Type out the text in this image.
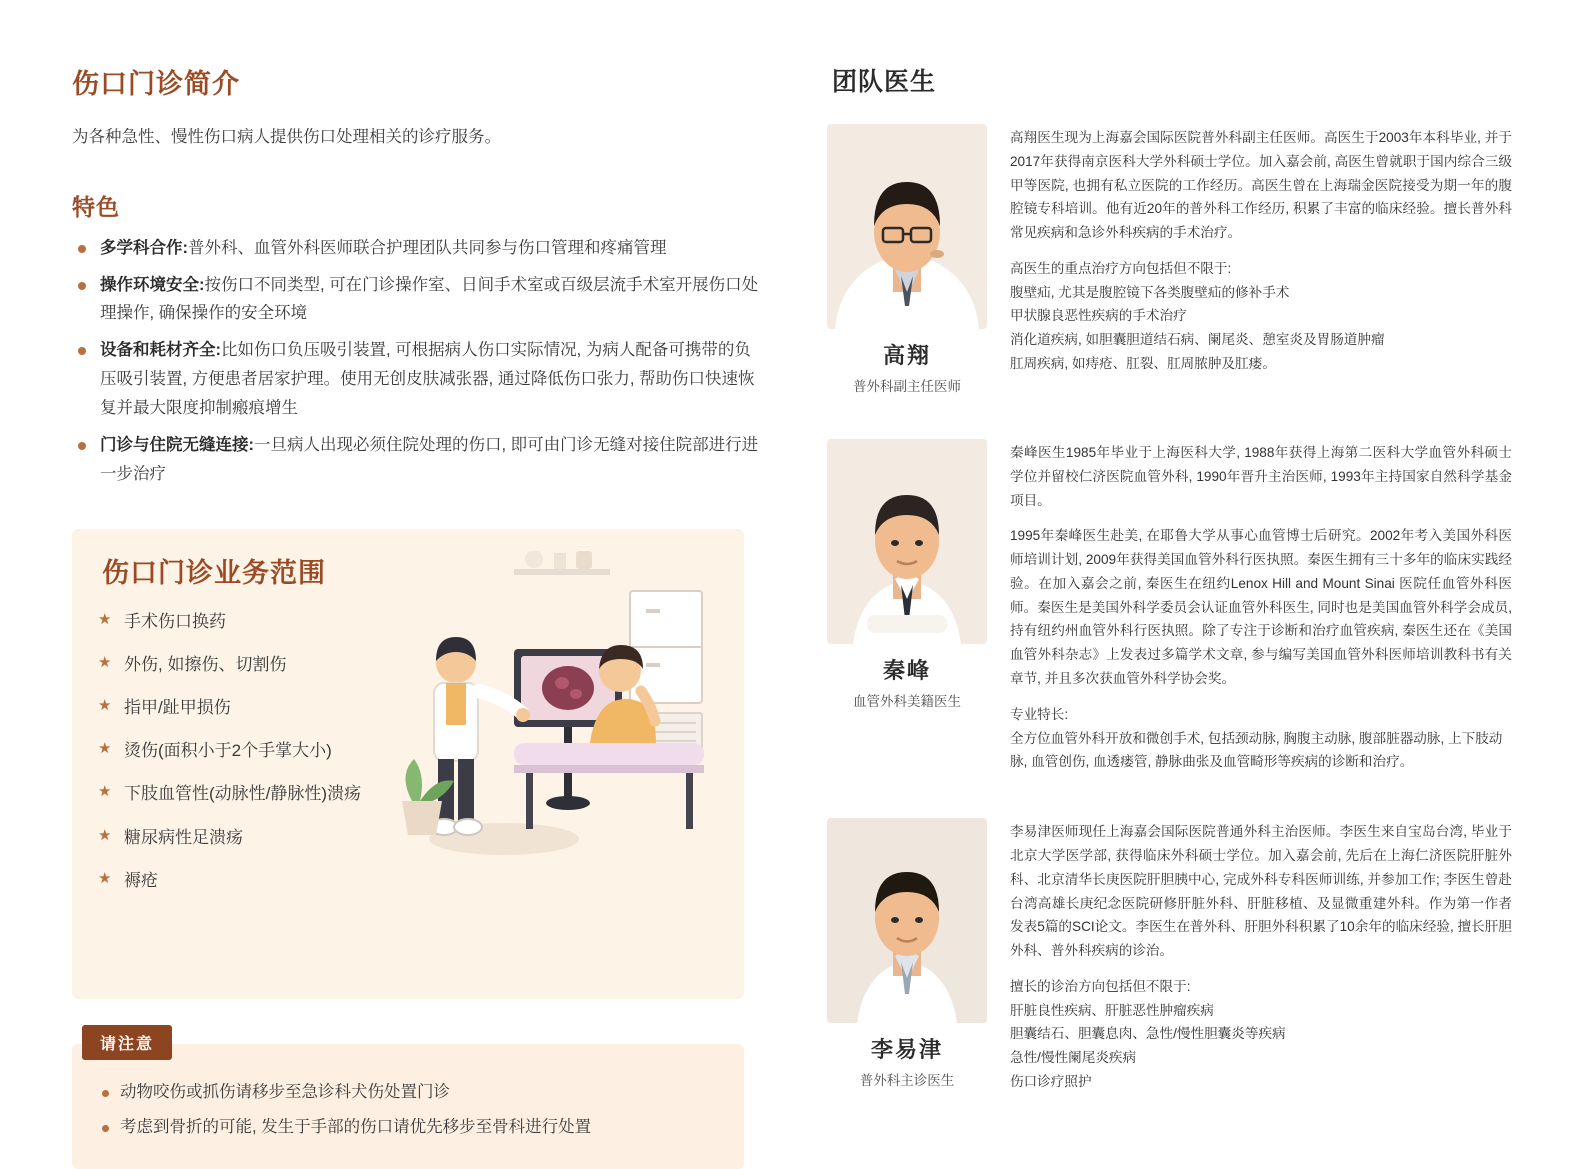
伤口门诊简介

为各种急性、慢性伤口病人提供伤口处理相关的诊疗服务。

特色
多学科合作:普外科、血管外科医师联合护理团队共同参与伤口管理和疼痛管理
操作环境安全:按伤口不同类型, 可在门诊操作室、日间手术室或百级层流手术室开展伤口处理操作, 确保操作的安全环境
设备和耗材齐全:比如伤口负压吸引装置, 可根据病人伤口实际情况, 为病人配备可携带的负压吸引装置, 方便患者居家护理。使用无创皮肤减张器, 通过降低伤口张力, 帮助伤口快速恢复并最大限度抑制瘢痕增生
门诊与住院无缝连接:一旦病人出现必须住院处理的伤口, 即可由门诊无缝对接住院部进行进一步治疗
伤口门诊业务范围
★ 手术伤口换药
★ 外伤, 如擦伤、切割伤
★ 指甲/趾甲损伤
★ 烫伤(面积小于2个手掌大小)
★ 下肢血管性(动脉性/静脉性)溃疡
★ 糖尿病性足溃疡
★ 褥疮
请注意
动物咬伤或抓伤请移步至急诊科犬伤处置门诊
考虑到骨折的可能, 发生于手部的伤口请优先移步至骨科进行处置
团队医生
高翔
普外科副主任医师

高翔医生现为上海嘉会国际医院普外科副主任医师。高医生于2003年本科毕业, 并于2017年获得南京医科大学外科硕士学位。加入嘉会前, 高医生曾就职于国内综合三级甲等医院, 也拥有私立医院的工作经历。高医生曾在上海瑞金医院接受为期一年的腹腔镜专科培训。他有近20年的普外科工作经历, 积累了丰富的临床经验。擅长普外科常见疾病和急诊外科疾病的手术治疗。

高医生的重点治疗方向包括但不限于:

腹壁疝, 尤其是腹腔镜下各类腹壁疝的修补手术

甲状腺良恶性疾病的手术治疗

消化道疾病, 如胆囊胆道结石病、阑尾炎、憩室炎及胃肠道肿瘤

肛周疾病, 如痔疮、肛裂、肛周脓肿及肛瘘。

秦峰
血管外科美籍医生

秦峰医生1985年毕业于上海医科大学, 1988年获得上海第二医科大学血管外科硕士学位并留校仁济医院血管外科, 1990年晋升主治医师, 1993年主持国家自然科学基金项目。

1995年秦峰医生赴美, 在耶鲁大学从事心血管博士后研究。2002年考入美国外科医师培训计划, 2009年获得美国血管外科行医执照。秦医生拥有三十多年的临床实践经验。在加入嘉会之前, 秦医生在纽约Lenox Hill and Mount Sinai 医院任血管外科医师。秦医生是美国外科学委员会认证血管外科医生, 同时也是美国血管外科学会成员, 持有纽约州血管外科行医执照。除了专注于诊断和治疗血管疾病, 秦医生还在《美国血管外科杂志》上发表过多篇学术文章, 参与编写美国血管外科医师培训教科书有关章节, 并且多次获血管外科学协会奖。

专业特长:

全方位血管外科开放和微创手术, 包括颈动脉, 胸腹主动脉, 腹部脏器动脉, 上下肢动脉, 血管创伤, 血透瘘管, 静脉曲张及血管畸形等疾病的诊断和治疗。

李易津
普外科主诊医生

李易津医师现任上海嘉会国际医院普通外科主治医师。李医生来自宝岛台湾, 毕业于北京大学医学部, 获得临床外科硕士学位。加入嘉会前, 先后在上海仁济医院肝脏外科、北京清华长庚医院肝胆胰中心, 完成外科专科医师训练, 并参加工作; 李医生曾赴台湾高雄长庚纪念医院研修肝脏外科、肝脏移植、及显微重建外科。作为第一作者发表5篇的SCI论文。李医生在普外科、肝胆外科积累了10余年的临床经验, 擅长肝胆外科、普外科疾病的诊治。

擅长的诊治方向包括但不限于:

肝脏良性疾病、肝脏恶性肿瘤疾病

胆囊结石、胆囊息肉、急性/慢性胆囊炎等疾病

急性/慢性阑尾炎疾病

伤口诊疗照护
